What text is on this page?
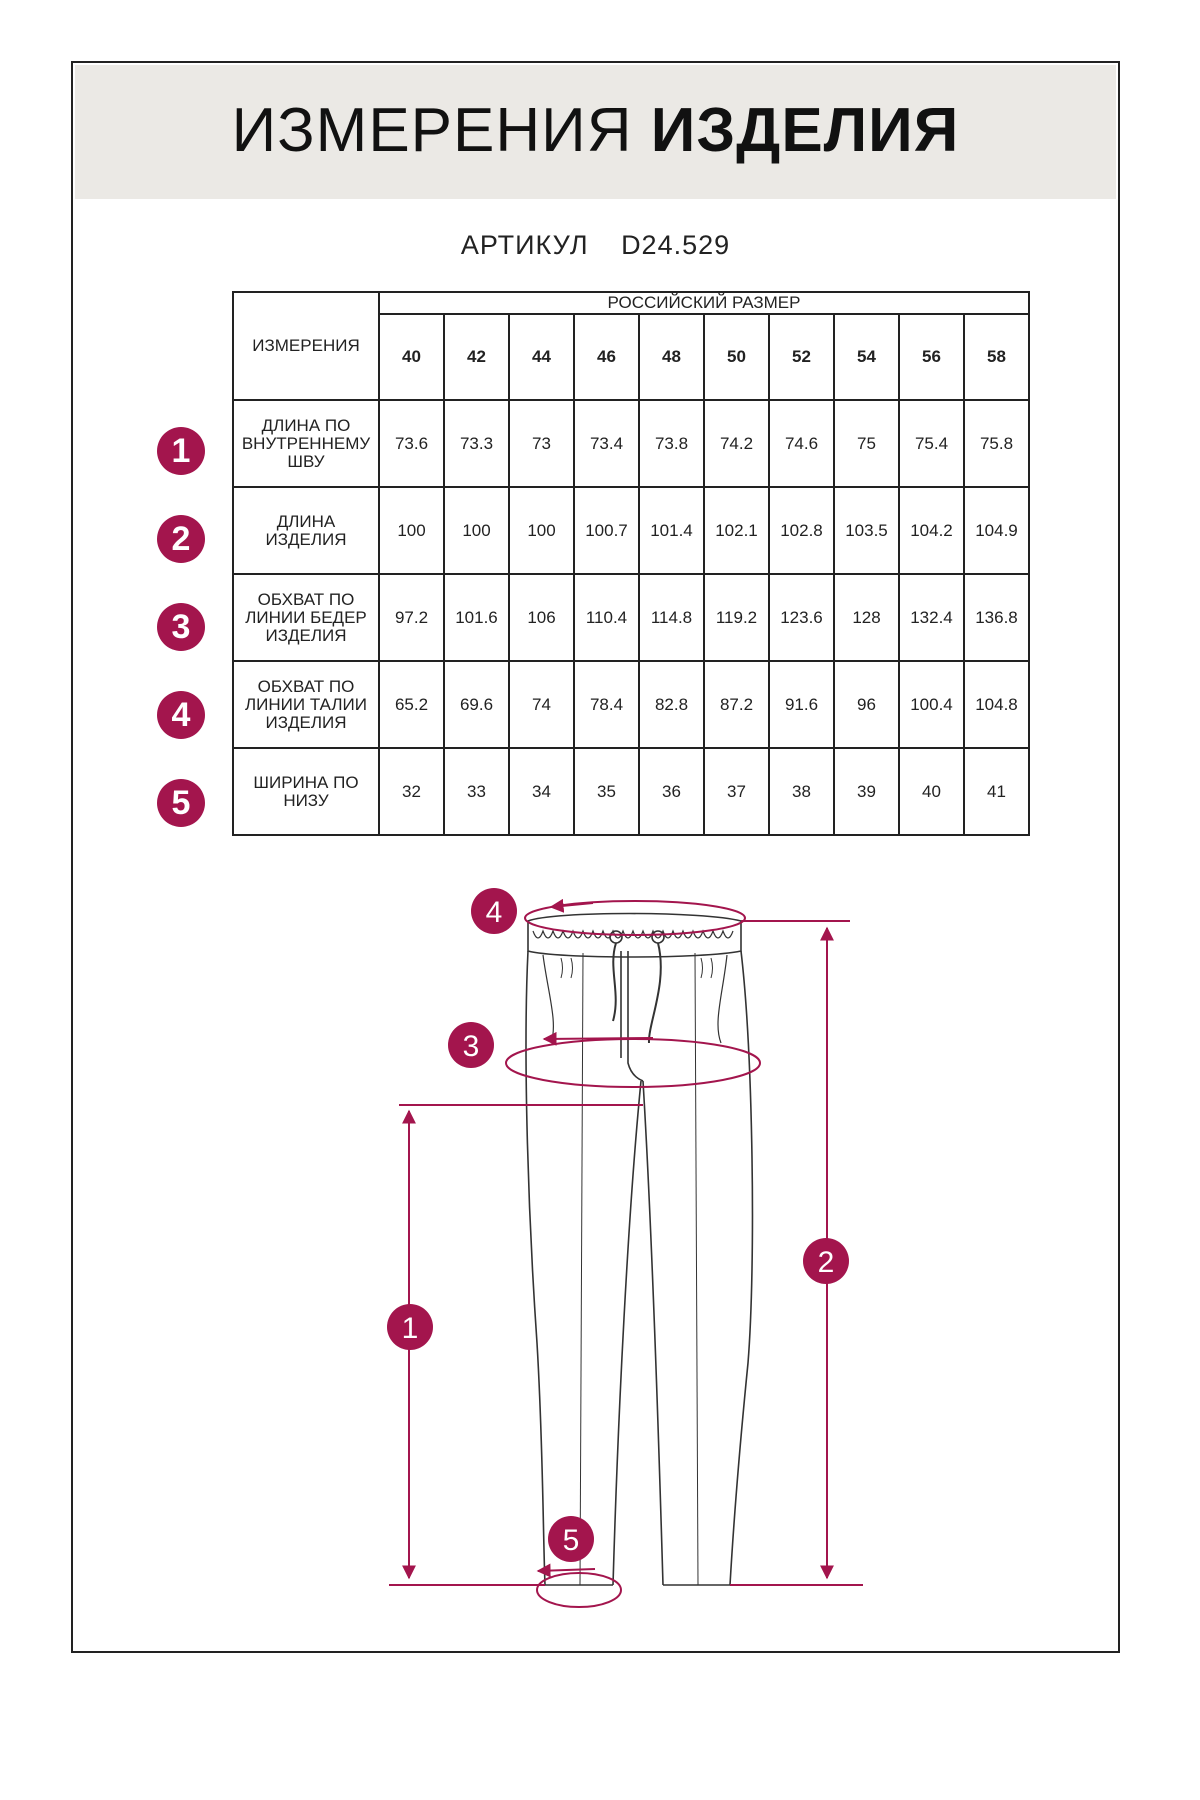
ИЗМЕРЕНИЯ ИЗДЕЛИЯ
АРТИКУЛ D24.529
ИЗМЕРЕНИЯ	РОССИЙСКИЙ РАЗМЕР									
	40	42	44	46	48	50	52	54	56	58
ДЛИНА ПО ВНУТРЕННЕМУ ШВУ	73.6	73.3	73	73.4	73.8	74.2	74.6	75	75.4	75.8
ДЛИНА ИЗДЕЛИЯ	100	100	100	100.7	101.4	102.1	102.8	103.5	104.2	104.9
ОБХВАТ ПО ЛИНИИ БЕДЕР ИЗДЕЛИЯ	97.2	101.6	106	110.4	114.8	119.2	123.6	128	132.4	136.8
ОБХВАТ ПО ЛИНИИ ТАЛИИ ИЗДЕЛИЯ	65.2	69.6	74	78.4	82.8	87.2	91.6	96	100.4	104.8
ШИРИНА ПО НИЗУ	32	33	34	35	36	37	38	39	40	41
1
2
3
4
5
4
3
1
2
5
